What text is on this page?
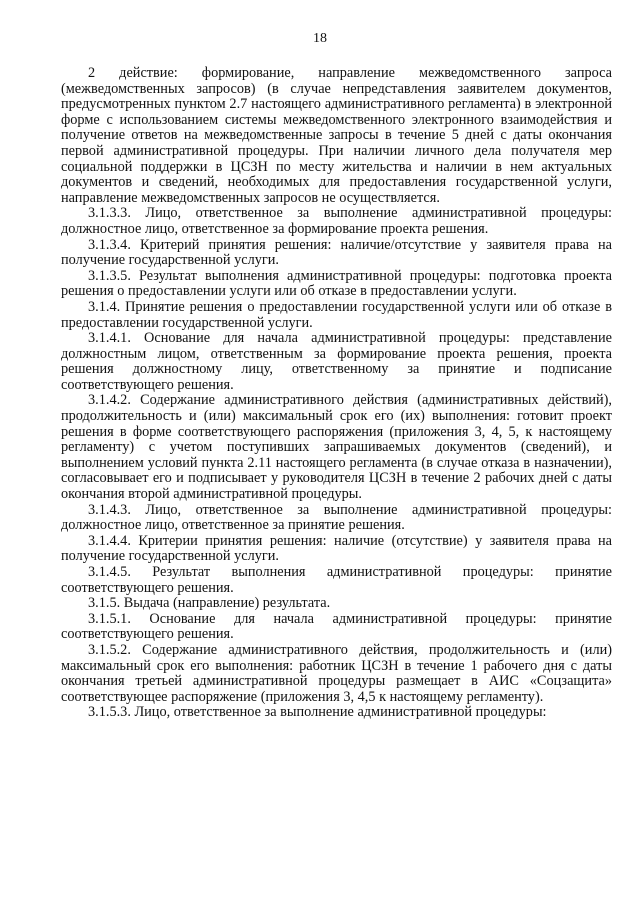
18

2 действие: формирование, направление межведомственного запроса (межведомственных запросов) (в случае непредставления заявителем документов, предусмотренных пунктом 2.7 настоящего административного регламента) в электронной форме с использованием системы межведомственного электронного взаимодействия и получение ответов на межведомственные запросы в течение 5 дней с даты окончания первой административной процедуры. При наличии личного дела получателя мер социальной поддержки в ЦСЗН по месту жительства и наличии в нем актуальных документов и сведений, необходимых для предоставления государственной услуги, направление межведомственных запросов не осуществляется.

3.1.3.3. Лицо, ответственное за выполнение административной процедуры: должностное лицо, ответственное за формирование проекта решения.

3.1.3.4. Критерий принятия решения: наличие/отсутствие у заявителя права на получение государственной услуги.

3.1.3.5. Результат выполнения административной процедуры: подготовка проекта решения о предоставлении услуги или об отказе в предоставлении услуги.

3.1.4. Принятие решения о предоставлении государственной услуги или об отказе в предоставлении государственной услуги.

3.1.4.1. Основание для начала административной процедуры: представление должностным лицом, ответственным за формирование проекта решения, проекта решения должностному лицу, ответственному за принятие и подписание соответствующего решения.

3.1.4.2. Содержание административного действия (административных действий), продолжительность и (или) максимальный срок его (их) выполнения: готовит проект решения в форме соответствующего распоряжения (приложения 3, 4, 5, к настоящему регламенту) с учетом поступивших запрашиваемых документов (сведений), и выполнением условий пункта 2.11 настоящего регламента (в случае отказа в назначении), согласовывает его и подписывает у руководителя ЦСЗН в течение 2 рабочих дней с даты окончания второй административной процедуры.

3.1.4.3. Лицо, ответственное за выполнение административной процедуры: должностное лицо, ответственное за принятие решения.

3.1.4.4. Критерии принятия решения: наличие (отсутствие) у заявителя права на получение государственной услуги.

3.1.4.5. Результат выполнения административной процедуры: принятие соответствующего решения.

3.1.5. Выдача (направление) результата.

3.1.5.1. Основание для начала административной процедуры: принятие соответствующего решения.

3.1.5.2. Содержание административного действия, продолжительность и (или) максимальный срок его выполнения: работник ЦСЗН в течение 1 рабочего дня с даты окончания третьей административной процедуры размещает в АИС «Соцзащита» соответствующее распоряжение (приложения 3, 4,5 к настоящему регламенту).

3.1.5.3. Лицо, ответственное за выполнение административной процедуры:
